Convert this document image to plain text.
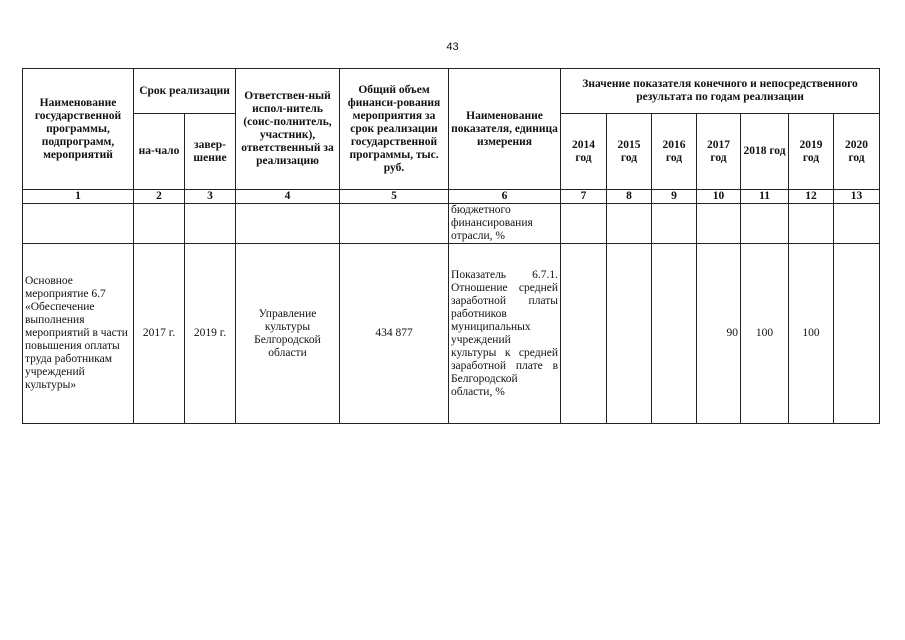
43
Наименование государственной программы, подпрограмм, мероприятий	Срок реализации		Ответствен-ный испол-нитель (соис-полнитель, участник), ответственный за реализацию	Общий объем финанси-рования мероприятия за срок реализации государственной программы, тыс. руб.	Наименование показателя, единица измерения	Значение показателя конечного и непосредственного результата по годам реализации						
	на-чало	завер-шение				2014 год	2015 год	2016 год	2017 год	2018 год	2019 год	2020 год
1	2	3	4	5	6	7	8	9	10	11	12	13
					бюджетного финансирования отрасли, %							
Основное мероприятие 6.7 «Обеспечение выполнения мероприятий в части повышения оплаты труда работникам учреждений культуры»	2017 г.	2019 г.	Управление культуры Белгородской области	434 877	Показатель 6.7.1. Отношение средней заработной платы работников муниципальных учреждений культуры к средней заработной плате в Белгородской области, %				90	100	100	
